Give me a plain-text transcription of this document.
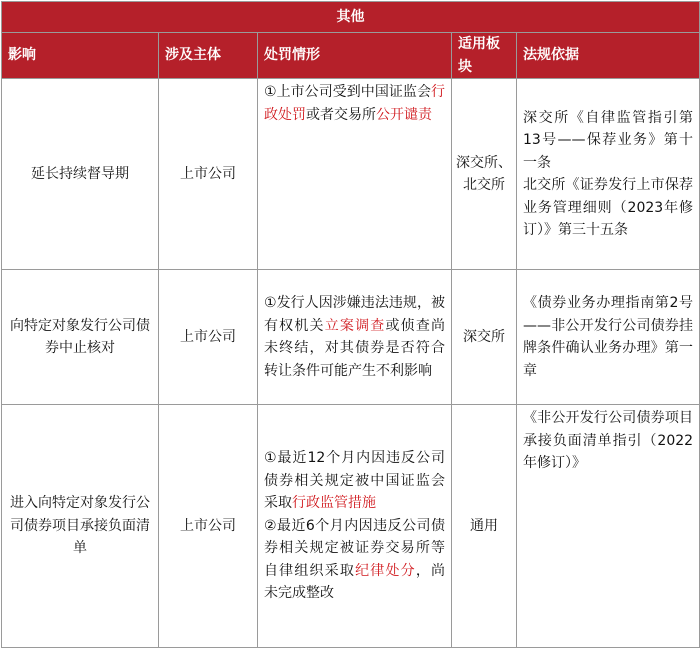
其他				
影响	涉及主体	处罚情形	适用板块	法规依据
延长持续督导期	上市公司	①上市公司受到中国证监会行政处罚或者交易所公开谴责	深交所、北交所	深交所《自律监管指引第13号——保荐业务》第十一条
北交所《证券发行上市保荐业务管理细则（2023年修订）》第三十五条
向特定对象发行公司债券中止核对	上市公司	①发行人因涉嫌违法违规，被有权机关立案调查或侦查尚未终结，对其债券是否符合转让条件可能产生不利影响	深交所	《债券业务办理指南第2号——非公开发行公司债券挂牌条件确认业务办理》第一章
进入向特定对象发行公司债券项目承接负面清单	上市公司	①最近12个月内因违反公司债券相关规定被中国证监会采取行政监管措施
②最近6个月内因违反公司债券相关规定被证券交易所等自律组织采取纪律处分，尚未完成整改	通用	《非公开发行公司债券项目承接负面清单指引（2022年修订）》
